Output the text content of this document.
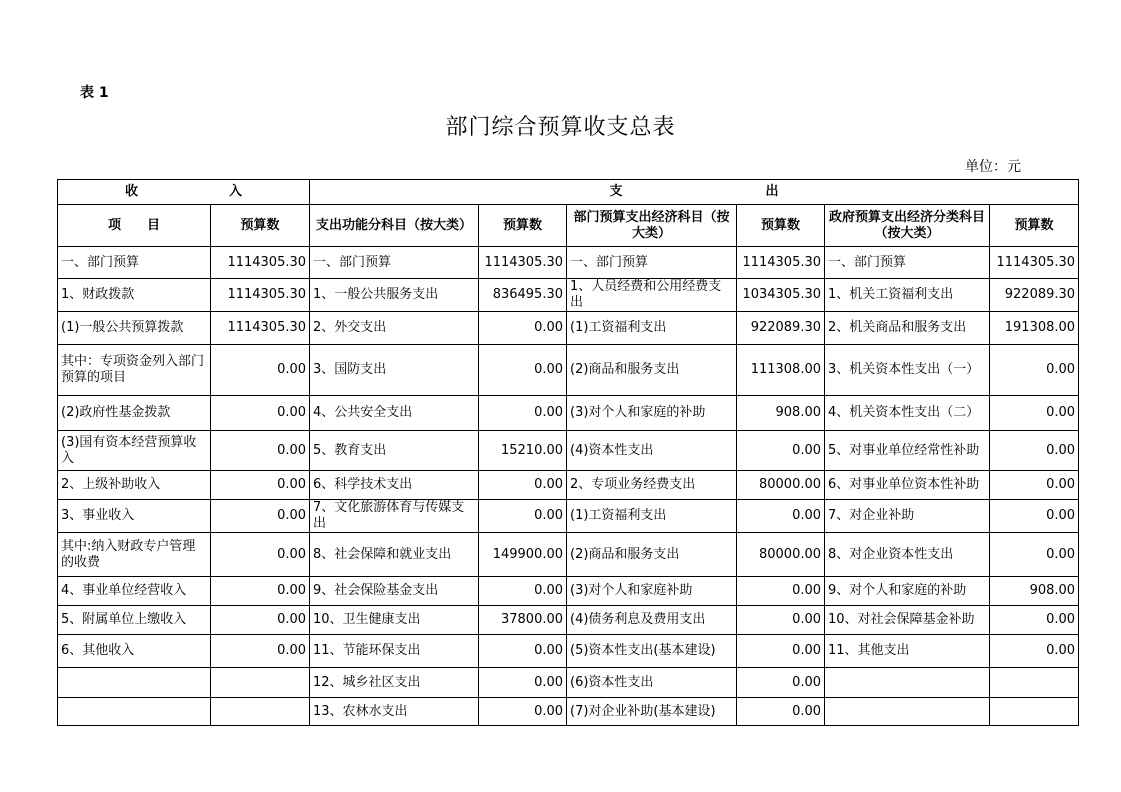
表 1
部门综合预算收支总表
单位：元
收　　　　　　　入		支　　　　　　　　　　　出					
项　　目	预算数	支出功能分科目（按大类）	预算数	部门预算支出经济科目（按大类）	预算数	政府预算支出经济分类科目（按大类）	预算数
一、部门预算	1114305.30	一、部门预算	1114305.30	一、部门预算	1114305.30	一、部门预算	1114305.30
1、财政拨款	1114305.30	1、一般公共服务支出	836495.30	1、人员经费和公用经费支出	1034305.30	1、机关工资福利支出	922089.30
(1)一般公共预算拨款	1114305.30	2、外交支出	0.00	(1)工资福利支出	922089.30	2、机关商品和服务支出	191308.00
其中：专项资金列入部门预算的项目	0.00	3、国防支出	0.00	(2)商品和服务支出	111308.00	3、机关资本性支出（一）	0.00
(2)政府性基金拨款	0.00	4、公共安全支出	0.00	(3)对个人和家庭的补助	908.00	4、机关资本性支出（二）	0.00
(3)国有资本经营预算收入	0.00	5、教育支出	15210.00	(4)资本性支出	0.00	5、对事业单位经常性补助	0.00
2、上级补助收入	0.00	6、科学技术支出	0.00	2、专项业务经费支出	80000.00	6、对事业单位资本性补助	0.00
3、事业收入	0.00	7、文化旅游体育与传媒支出	0.00	(1)工资福利支出	0.00	7、对企业补助	0.00
其中:纳入财政专户管理的收费	0.00	8、社会保障和就业支出	149900.00	(2)商品和服务支出	80000.00	8、对企业资本性支出	0.00
4、事业单位经营收入	0.00	9、社会保险基金支出	0.00	(3)对个人和家庭补助	0.00	9、对个人和家庭的补助	908.00
5、附属单位上缴收入	0.00	10、卫生健康支出	37800.00	(4)债务利息及费用支出	0.00	10、对社会保障基金补助	0.00
6、其他收入	0.00	11、节能环保支出	0.00	(5)资本性支出(基本建设)	0.00	11、其他支出	0.00
		12、城乡社区支出	0.00	(6)资本性支出	0.00		
		13、农林水支出	0.00	(7)对企业补助(基本建设)	0.00		
